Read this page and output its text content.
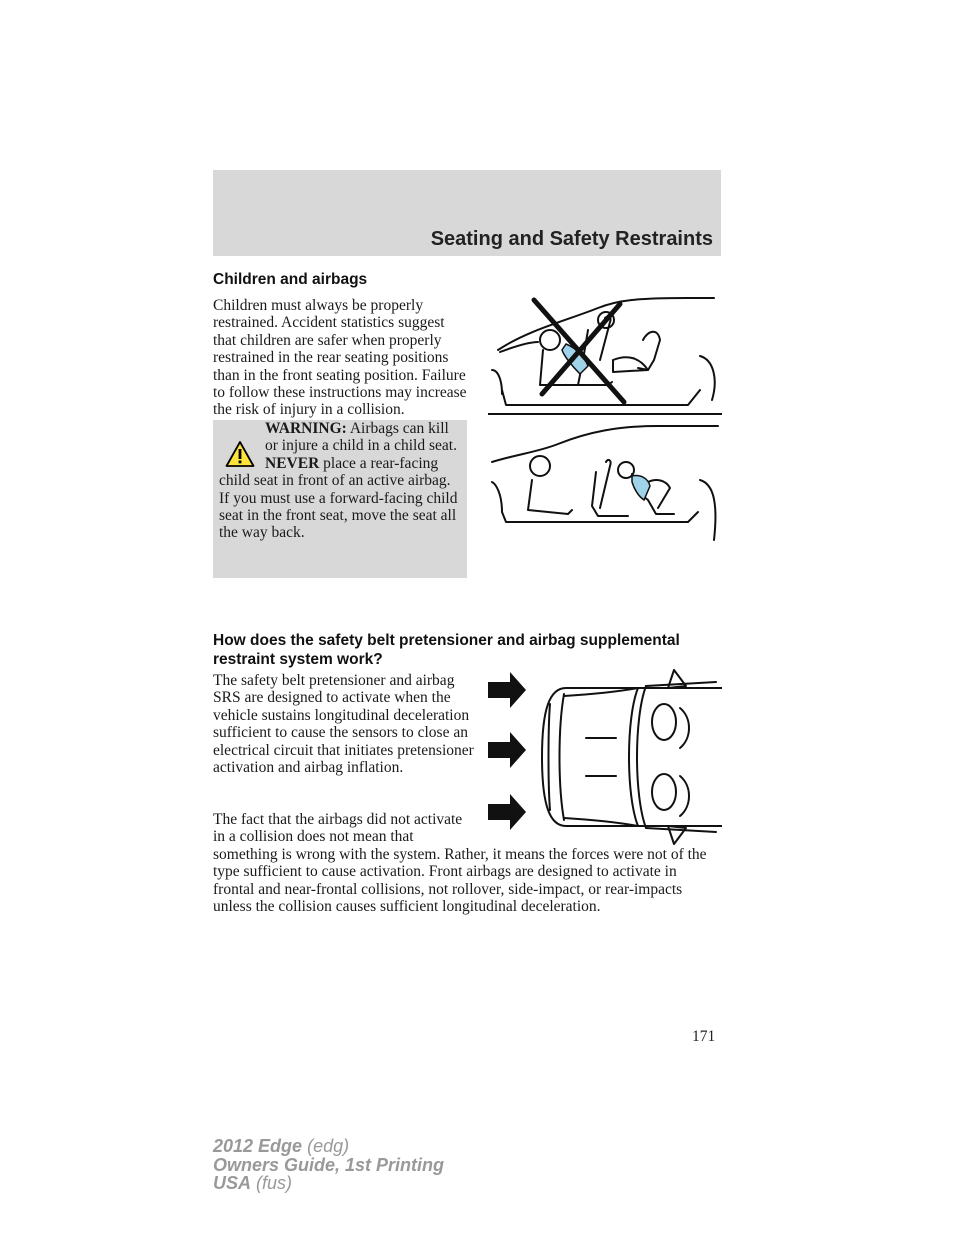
Seating and Safety Restraints
Children and airbags
Children must always be properly restrained. Accident statistics suggest that children are safer when properly restrained in the rear seating positions than in the front seating position. Failure to follow these instructions may increase the risk of injury in a collision.
WARNING: Airbags can kill or injure a child in a child seat. NEVER place a rear-facing child seat in front of an active airbag. If you must use a forward-facing child seat in the front seat, move the seat all the way back.
How does the safety belt pretensioner and airbag supplemental restraint system work?
The safety belt pretensioner and airbag SRS are designed to activate when the vehicle sustains longitudinal deceleration sufficient to cause the sensors to close an electrical circuit that initiates pretensioner activation and airbag inflation.
The fact that the airbags did not activate in a collision does not mean that something is wrong with the system. Rather, it means the forces were not of the type sufficient to cause activation. Front airbags are designed to activate in frontal and near-frontal collisions, not rollover, side-impact, or rear-impacts unless the collision causes sufficient longitudinal deceleration.
171
2012 Edge (edg)
Owners Guide, 1st Printing
USA (fus)
